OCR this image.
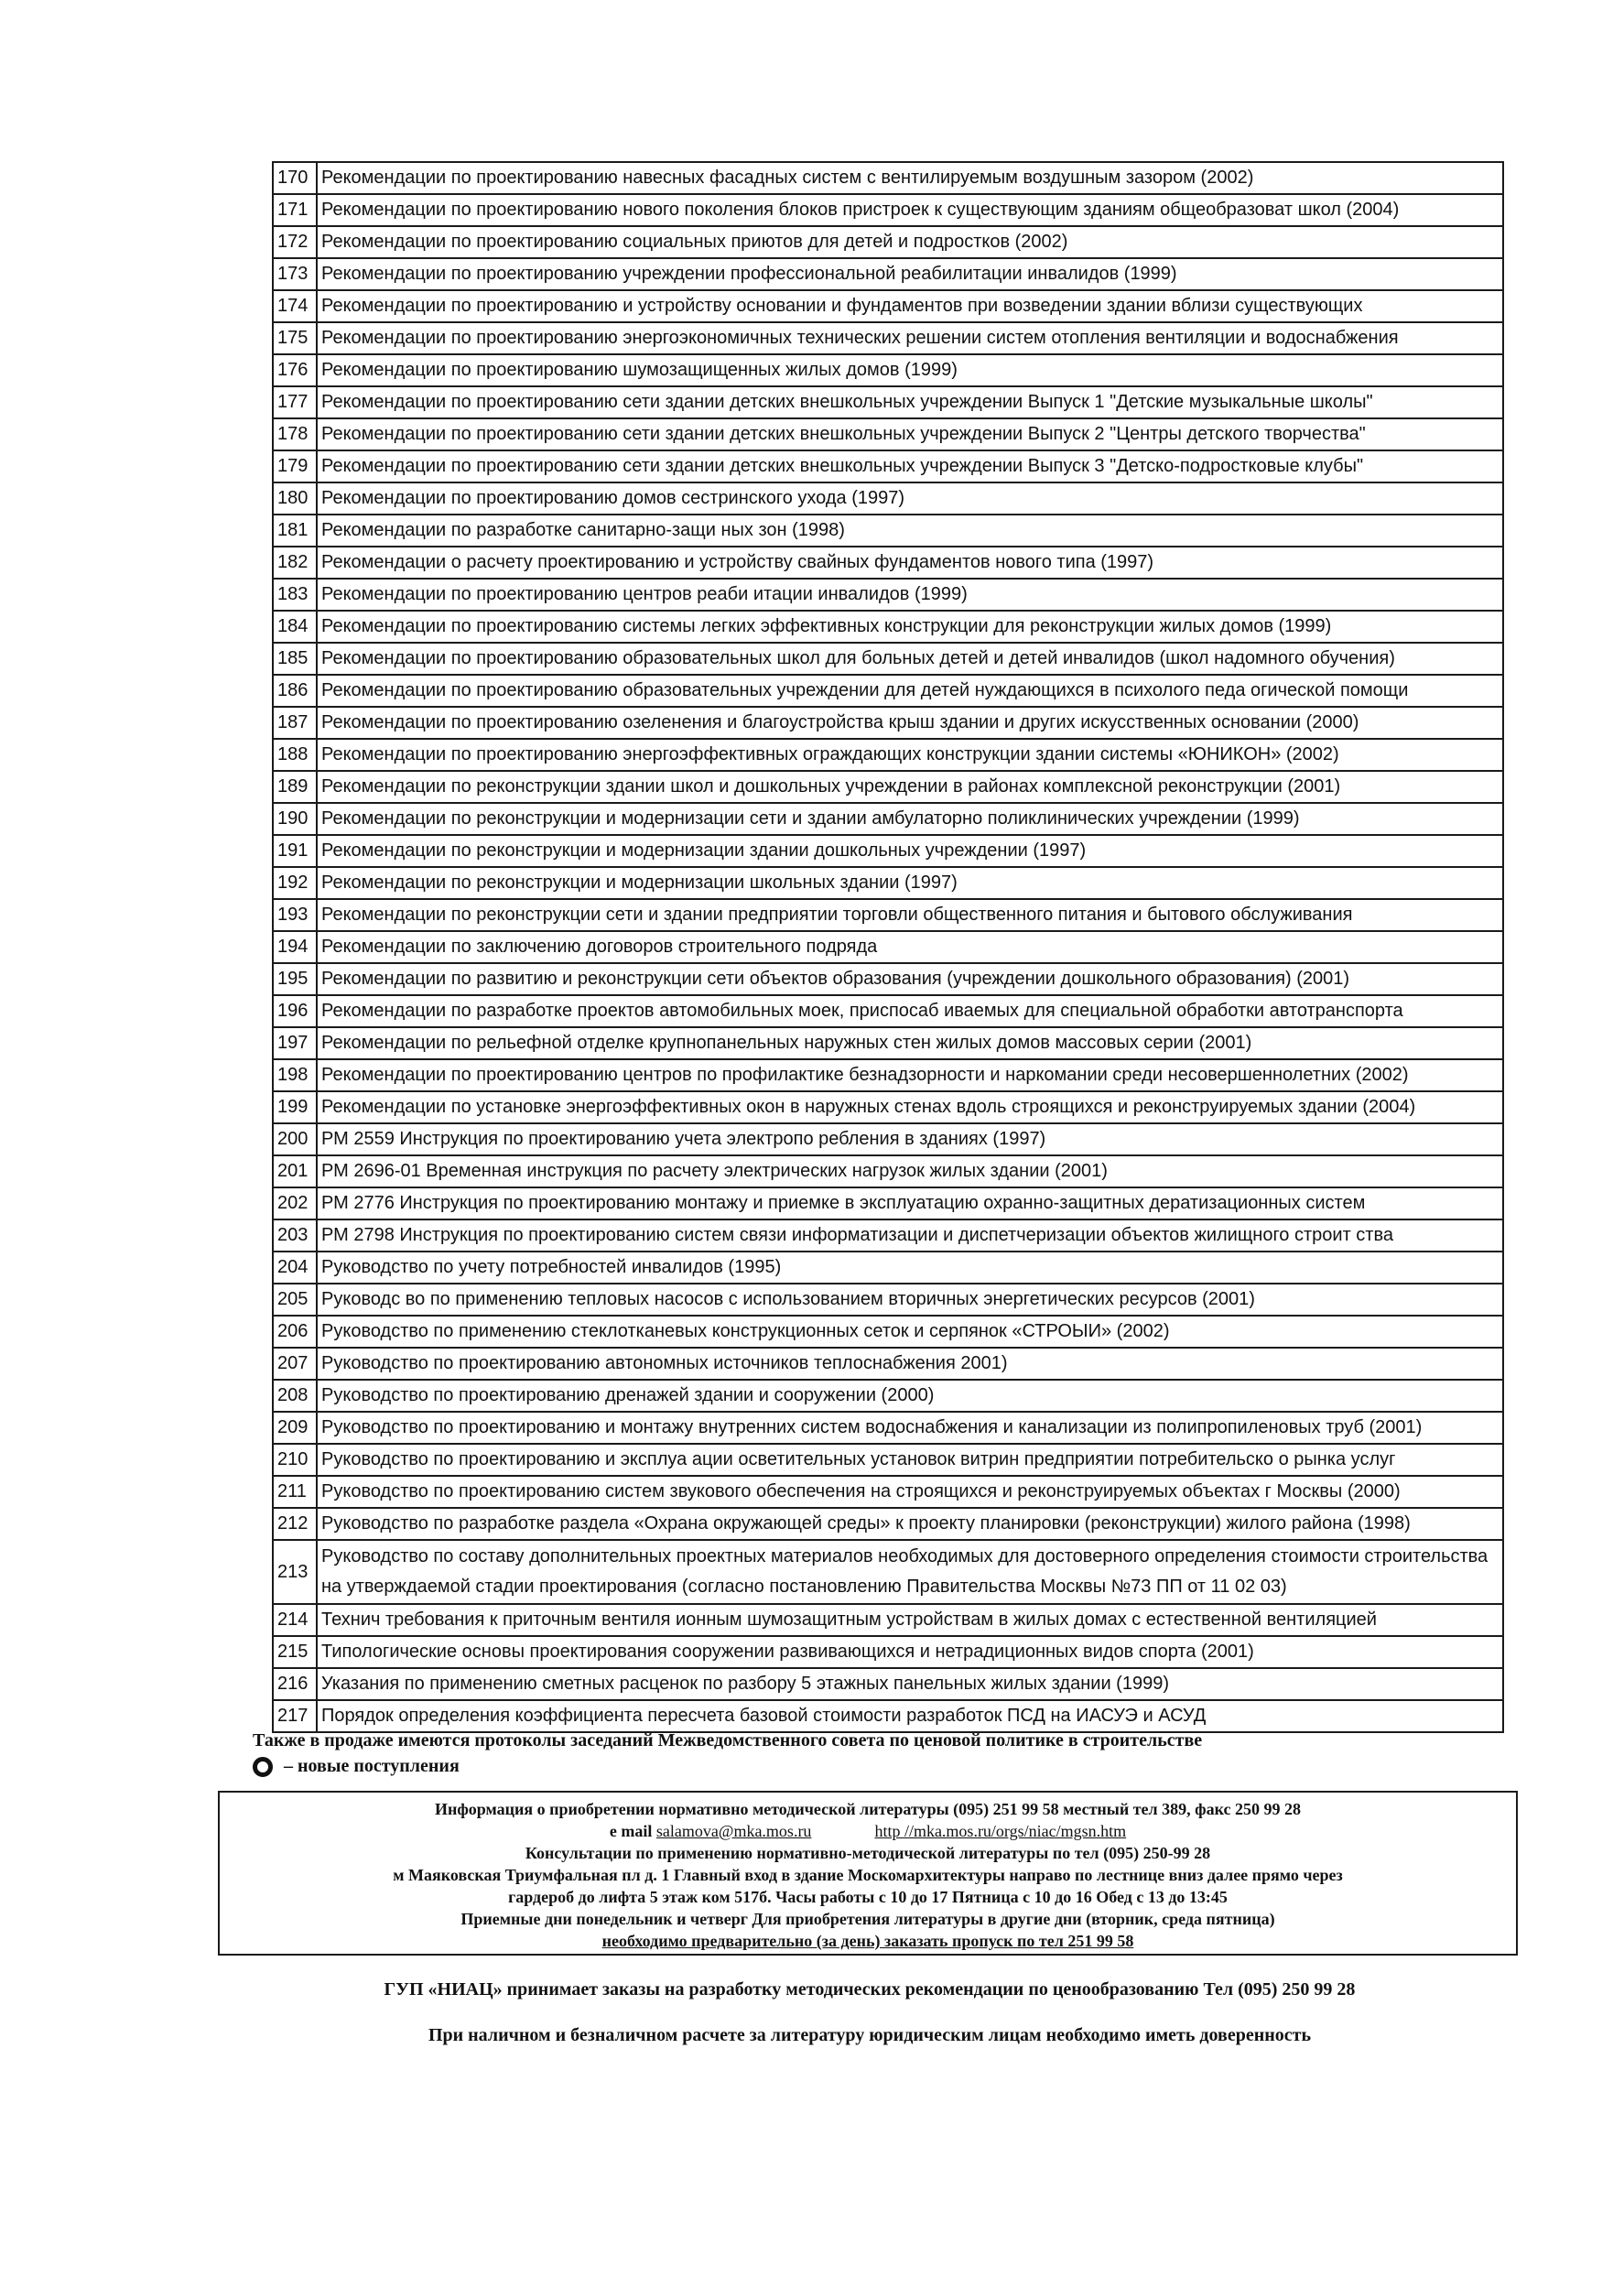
170	Рекомендации по проектированию навесных фасадных систем с вентилируемым воздушным зазором (2002)
171	Рекомендации по проектированию нового поколения блоков пристроек к существующим зданиям общеобразоват школ (2004)
172	Рекомендации по проектированию социальных приютов для детей и подростков (2002)
173	Рекомендации по проектированию учреждении профессиональной реабилитации инвалидов (1999)
174	Рекомендации по проектированию и устройству основании и фундаментов при возведении здании вблизи существующих
175	Рекомендации по проектированию энергоэкономичных технических решении систем отопления вентиляции и водоснабжения
176	Рекомендации по проектированию шумозащищенных жилых домов (1999)
177	Рекомендации по проектированию сети здании детских внешкольных учреждении Выпуск 1 "Детские музыкальные школы"
178	Рекомендации по проектированию сети здании детских внешкольных учреждении Выпуск 2 "Центры детского творчества"
179	Рекомендации по проектированию сети здании детских внешкольных учреждении Выпуск 3 "Детско-подростковые клубы"
180	Рекомендации по проектированию домов сестринского ухода (1997)
181	Рекомендации по разработке санитарно-защи ных зон (1998)
182	Рекомендации о расчету проектированию и устройству свайных фундаментов нового типа (1997)
183	Рекомендации по проектированию центров реаби итации инвалидов (1999)
184	Рекомендации по проектированию системы легких эффективных конструкции для реконструкции жилых домов (1999)
185	Рекомендации по проектированию образовательных школ для больных детей и детей инвалидов (школ надомного обучения)
186	Рекомендации по проектированию образовательных учреждении для детей нуждающихся в психолого педа огической помощи
187	Рекомендации по проектированию озеленения и благоустройства крыш здании и других искусственных основании (2000)
188	Рекомендации по проектированию энергоэффективных ограждающих конструкции здании системы «ЮНИКОН» (2002)
189	Рекомендации по реконструкции здании школ и дошкольных учреждении в районах комплексной реконструкции (2001)
190	Рекомендации по реконструкции и модернизации сети и здании амбулаторно поликлинических учреждении (1999)
191	Рекомендации по реконструкции и модернизации здании дошкольных учреждении (1997)
192	Рекомендации по реконструкции и модернизации школьных здании (1997)
193	Рекомендации по реконструкции сети и здании предприятии торговли общественного питания и бытового обслуживания
194	Рекомендации по заключению договоров строительного подряда
195	Рекомендации по развитию и реконструкции сети объектов образования (учреждении дошкольного образования) (2001)
196	Рекомендации по разработке проектов автомобильных моек, приспосаб иваемых для специальной обработки автотранспорта
197	Рекомендации по рельефной отделке крупнопанельных наружных стен жилых домов массовых серии (2001)
198	Рекомендации по проектированию центров по профилактике безнадзорности и наркомании среди несовершеннолетних (2002)
199	Рекомендации по установке энергоэффективных окон в наружных стенах вдоль строящихся и реконструируемых здании (2004)
200	РМ 2559 Инструкция по проектированию учета электропо ребления в зданиях (1997)
201	РМ 2696-01 Временная инструкция по расчету электрических нагрузок жилых здании (2001)
202	РМ 2776 Инструкция по проектированию монтажу и приемке в эксплуатацию охранно-защитных дератизационных систем
203	РМ 2798 Инструкция по проектированию систем связи информатизации и диспетчеризации объектов жилищного строит ства
204	Руководство по учету потребностей инвалидов (1995)
205	Руководс во по применению тепловых насосов с использованием вторичных энергетических ресурсов (2001)
206	Руководство по применению стеклотканевых конструкционных сеток и серпянок «СТРОЫИ» (2002)
207	Руководство по проектированию автономных источников теплоснабжения 2001)
208	Руководство по проектированию дренажей здании и сооружении (2000)
209	Руководство по проектированию и монтажу внутренних систем водоснабжения и канализации из полипропиленовых труб (2001)
210	Руководство по проектированию и эксплуа ации осветительных установок витрин предприятии потребительско о рынка услуг
211	Руководство по проектированию систем звукового обеспечения на строящихся и реконструируемых объектах г Москвы (2000)
212	Руководство по разработке раздела «Охрана окружающей среды» к проекту планировки (реконструкции) жилого района (1998)
213	Руководство по составу дополнительных проектных материалов необходимых для достоверного определения стоимости строительства на утверждаемой стадии проектирования (согласно постановлению Правительства Москвы №73 ПП от 11 02 03)
214	Технич требования к приточным вентиля ионным шумозащитным устройствам в жилых домах с естественной вентиляцией
215	Типологические основы проектирования сооружении развивающихся и нетрадиционных видов спорта (2001)
216	Указания по применению сметных расценок по разбору 5 этажных панельных жилых здании (1999)
217	Порядок определения коэффициента пересчета базовой стоимости разработок ПСД на ИАСУЭ и АСУД
Также в продаже имеются протоколы заседаний Межведомственного совета по ценовой политике в строительстве
– новые поступления
Информация о приобретении нормативно методической литературы (095) 251 99 58 местный тел 389, факс 250 99 28
e mail salamova@mka.mos.ru	http //mka.mos.ru/orgs/niac/mgsn.htm
Консультации по применению нормативно-методической литературы по тел (095) 250-99 28
м Маяковская Триумфальная пл д. 1 Главный вход в здание Москомархитектуры направо по лестнице вниз далее прямо через
гардероб до лифта 5 этаж ком 517б. Часы работы с 10 до 17 Пятница с 10 до 16 Обед с 13 до 13:45
Приемные дни понедельник и четверг Для приобретения литературы в другие дни (вторник, среда пятница)
необходимо предварительно (за день) заказать пропуск по тел 251 99 58
ГУП «НИАЦ» принимает заказы на разработку методических рекомендации по ценообразованию Тел (095) 250 99 28
При наличном и безналичном расчете за литературу юридическим лицам необходимо иметь доверенность
